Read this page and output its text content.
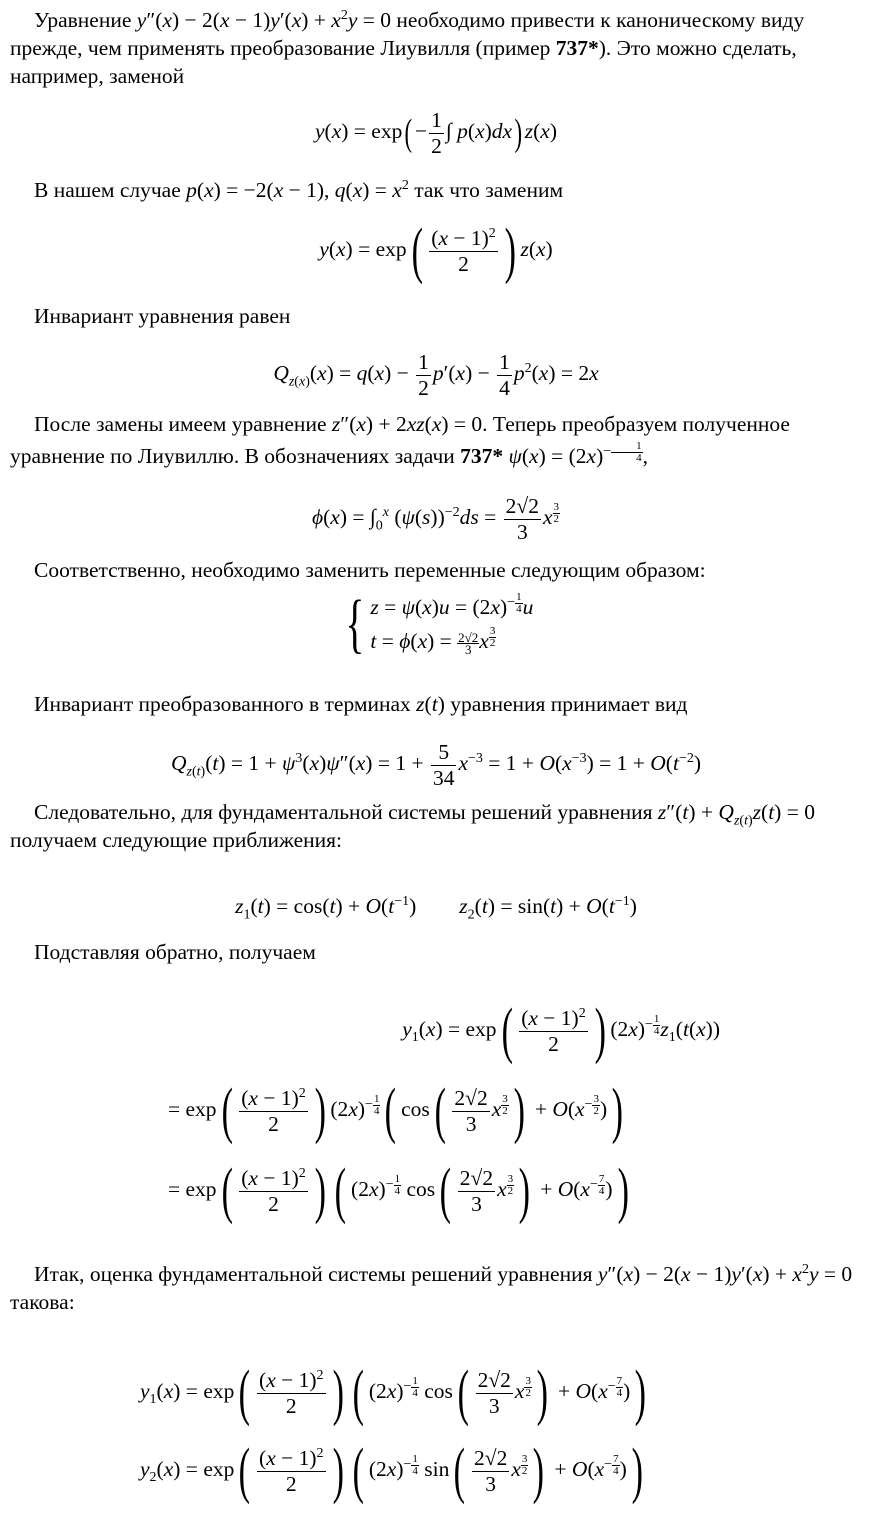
Уравнение $y''(x) - 2(x - 1)y'(x) + x^2y = 0$ необходимо привести к каноническому виду прежде, чем применять преобразование Лиувилля (пример 737*). Это можно сделать, например, заменой
$y(x) = \exp( - \frac{1}{2}$ ∫ p(x)dx) z(x)
В нашем случае p(x) = −2(x − 1), $q(x) = x^2$ так что заменим
$y(x) = \exp( \frac{(x - 1)^2}{2}$ ) z(x)
Инвариант уравнения равен
$Q_{z(x)}(x) = q(x) - \frac{1}{2} p'(x) - \frac{1}{4} p^2(x) = 2x$
После замены имеем уравнение z″(x) + 2xz(x) = 0. Теперь преобразуем полученное уравнение по Лиувиллю. В обозначениях задачи 737* $\psi(x) = (2x)^{- \frac{1}{4}}$ ,
$\phi(x) = \int_0^x$ $(\psi(s))^{-2}ds = \frac{2√2}{3}$ x $^{\frac{3}{2}}$
Соответственно, необходимо заменить переменные следующим образом:
{ $z = \psi(x)u = (2x)^{- \frac{1}{4}}$ u
$t = \phi(x) = \frac{2√2}{3}$ x $^{\frac{3}{2}}$
Инвариант преобразованного в терминах z(t) уравнения принимает вид
$Q_{z(t)}(t) = 1 + \psi^3(x)\psi''(x) = 1 + \frac{5}{34} x^{-3} = 1 + O(x^{-3}) = 1 + O(t^{-2})$
Следовательно, для фундаментальной системы решений уравнения $z''(t) + Q_{z(t)}z(t) = 0$ получаем следующие приближения:
$z_1(t) = \cos(t) + O(t^{-1})$        $z_2(t) = \sin(t) + O(t^{-1})$
Подставляя обратно, получаем
$y_1(x) = \exp( \frac{(x - 1)^2}{2}$ ) $(2x)^{- \frac{1}{4}}$ $z_1(t(x))$
= $\exp( \frac{(x - 1)^2}{2}$ ) $(2x)^{- \frac{1}{4}}$ ( $\cos( \frac{2√2}{3}$ x $^{\frac{3}{2}}$ ) + $O(x^{- \frac{3}{2}}$ ))
= $\exp( \frac{(x - 1)^2}{2}$ ) ( $(2x)^{- \frac{1}{4}}$ $\cos( \frac{2√2}{3}$ x $^{\frac{3}{2}}$ ) + $O(x^{- \frac{7}{4}}$ ))
Итак, оценка фундаментальной системы решений уравнения $y''(x) - 2(x - 1)y'(x) + x^2y = 0$ такова:
$y_1(x) = \exp( \frac{(x - 1)^2}{2}$ ) ( $(2x)^{- \frac{1}{4}}$ $\cos( \frac{2√2}{3}$ x $^{\frac{3}{2}}$ ) + $O(x^{- \frac{7}{4}}$ ))
$y_2(x) = \exp( \frac{(x - 1)^2}{2}$ ) ( $(2x)^{- \frac{1}{4}}$ $\sin( \frac{2√2}{3}$ x $^{\frac{3}{2}}$ ) + $O(x^{- \frac{7}{4}}$ ))
